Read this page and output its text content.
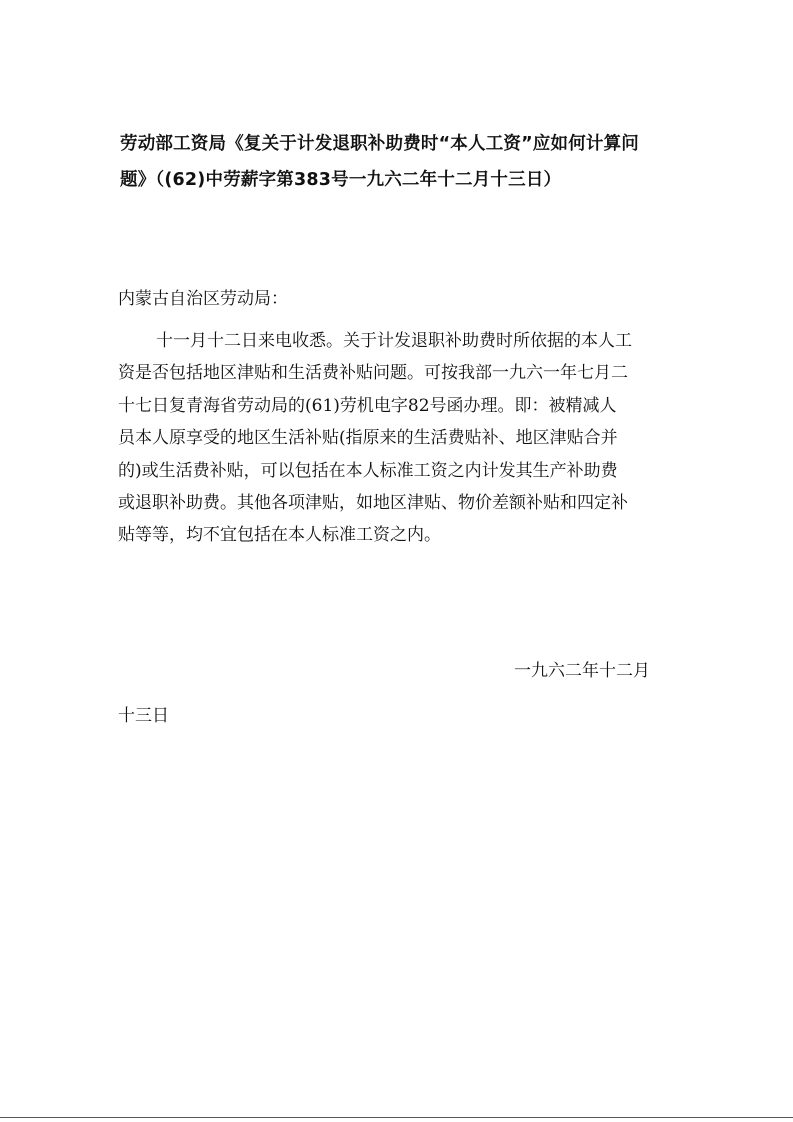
劳动部工资局《复关于计发退职补助费时“本人工资”应如何计算问
题》（(62)中劳薪字第383号一九六二年十二月十三日）

内蒙古自治区劳动局：

十一月十二日来电收悉。关于计发退职补助费时所依据的本人工
资是否包括地区津贴和生活费补贴问题。可按我部一九六一年七月二
十七日复青海省劳动局的(61)劳机电字82号函办理。即：被精减人
员本人原享受的地区生活补贴(指原来的生活费贴补、地区津贴合并
的)或生活费补贴，可以包括在本人标准工资之内计发其生产补助费
或退职补助费。其他各项津贴，如地区津贴、物价差额补贴和四定补
贴等等，均不宜包括在本人标准工资之内。

一九六二年十二月
十三日
